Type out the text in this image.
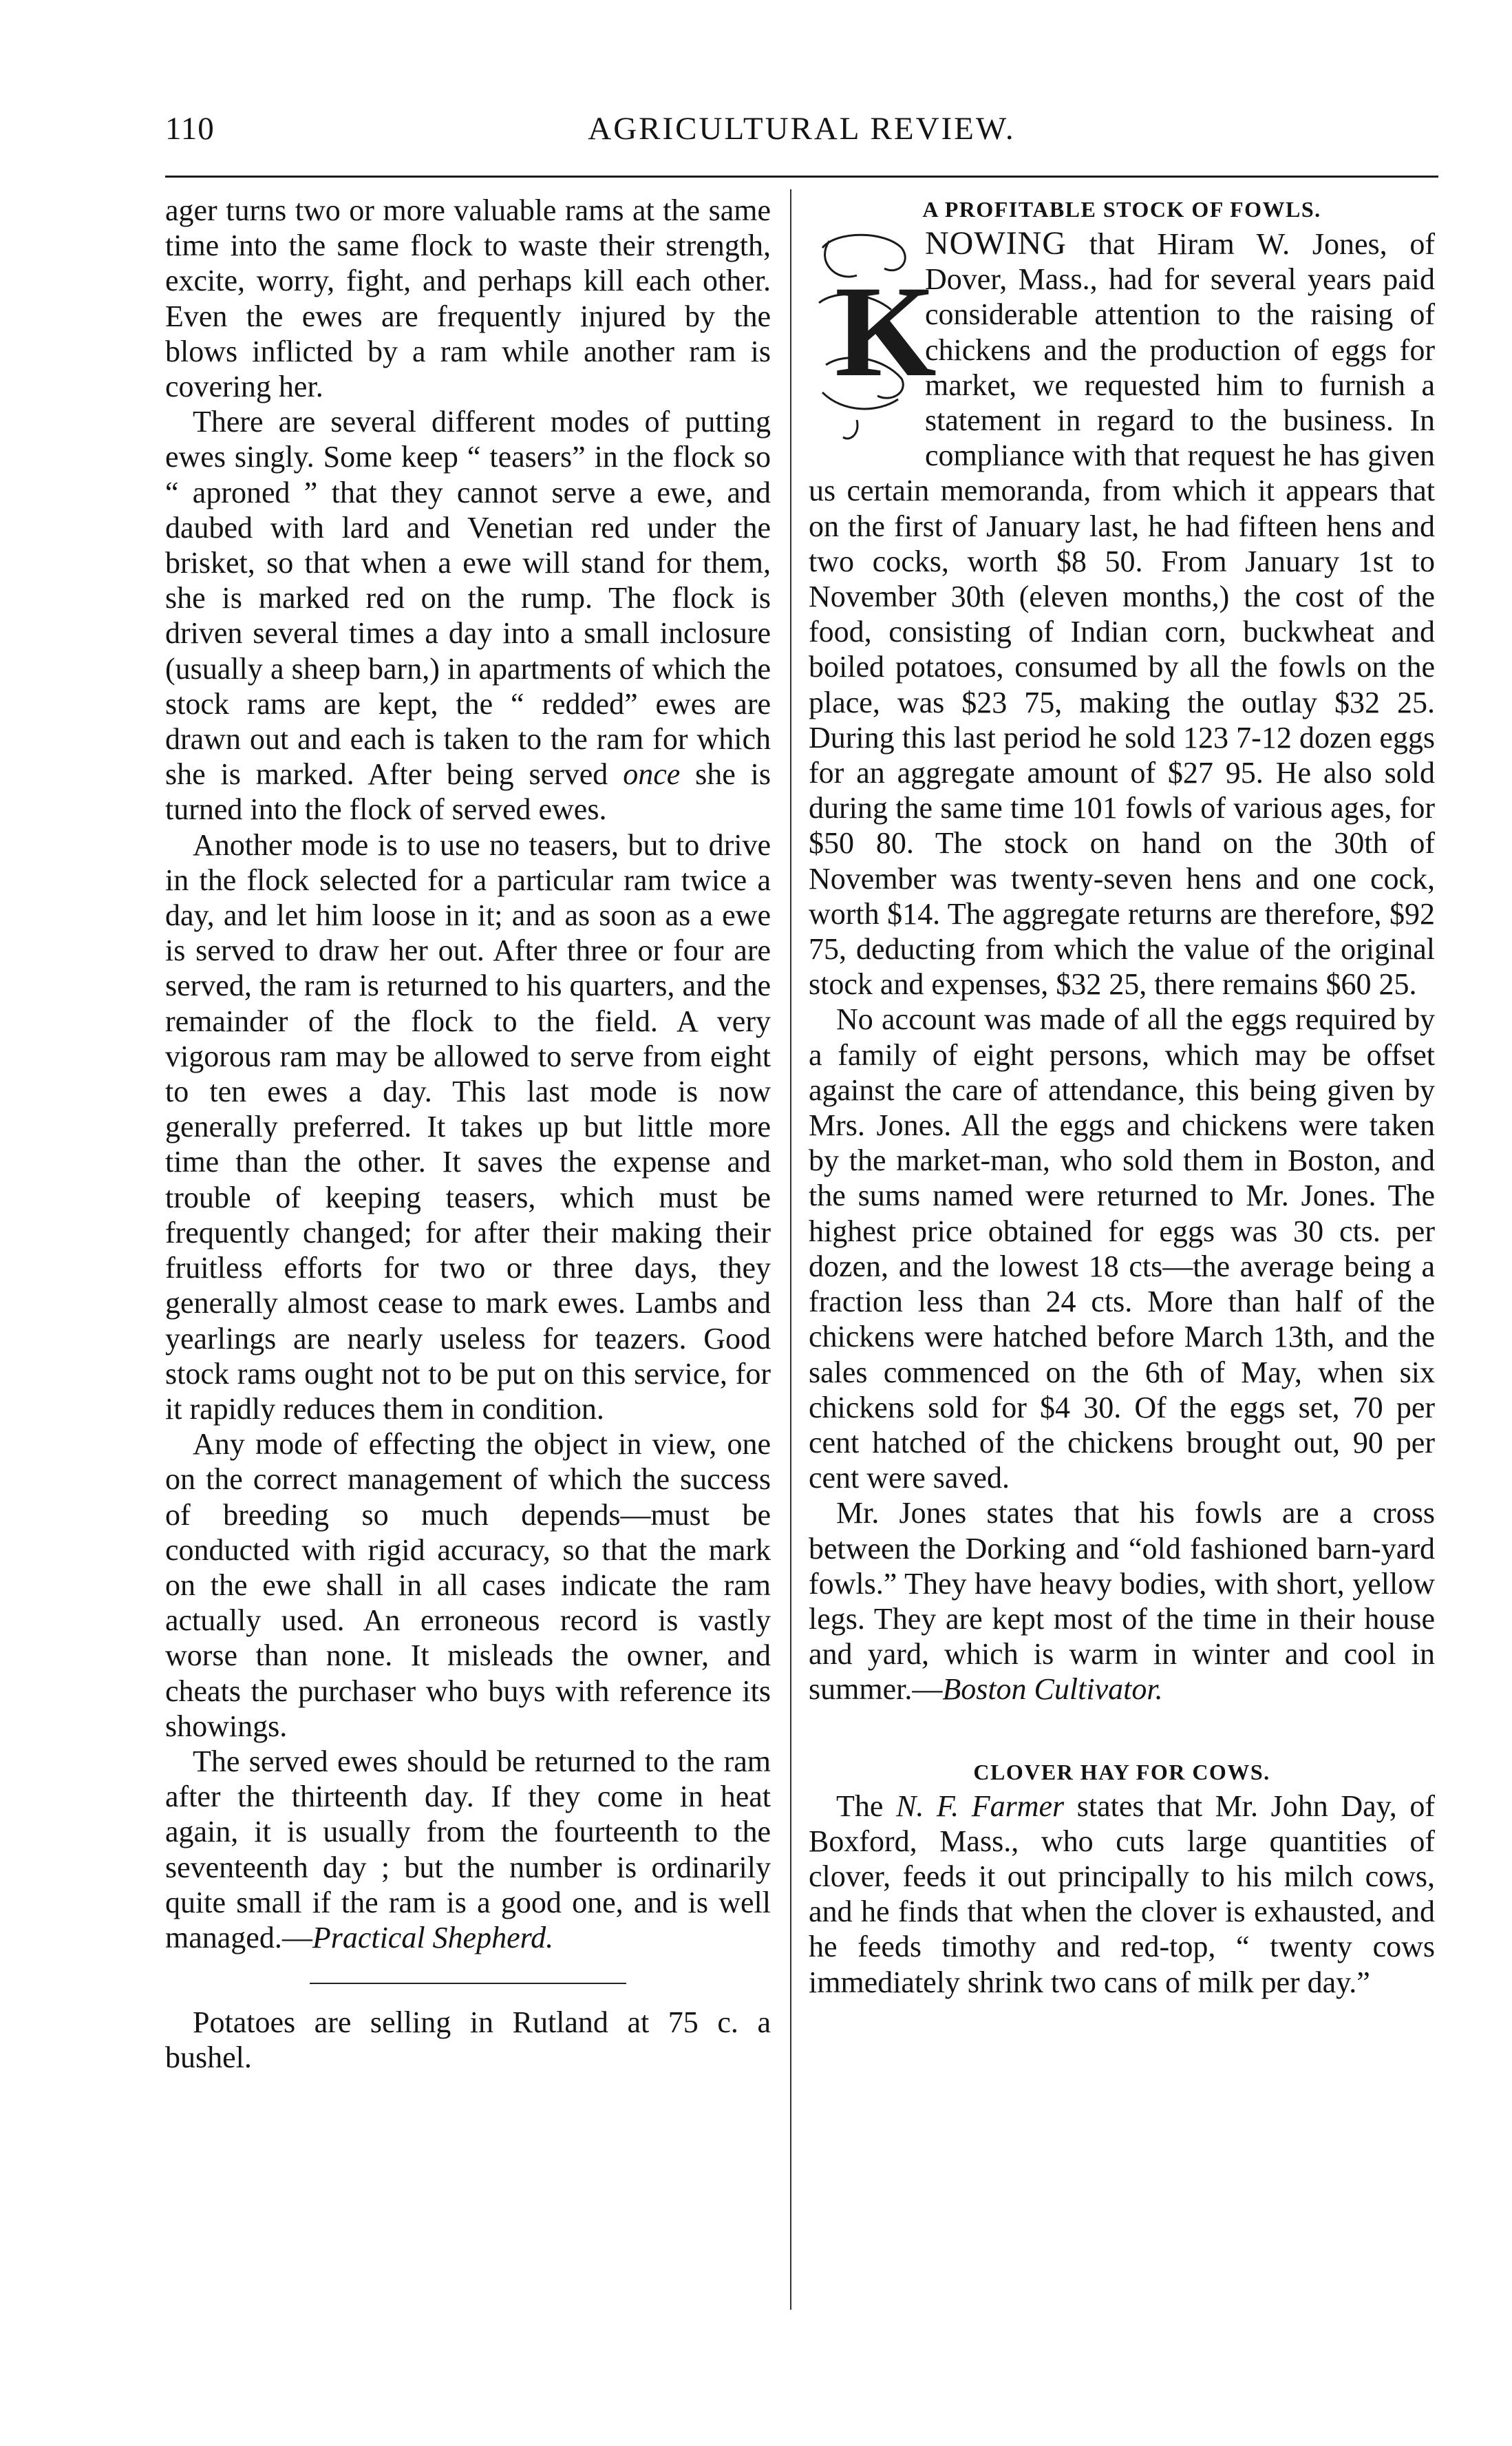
110	AGRICULTURAL REVIEW.

ager turns two or more valuable rams at the same time into the same flock to waste their strength, excite, worry, fight, and perhaps kill each other. Even the ewes are frequently injured by the blows inflicted by a ram while another ram is covering her.

There are several different modes of putting ewes singly. Some keep “ teasers” in the flock so “ aproned ” that they cannot serve a ewe, and daubed with lard and Venetian red under the brisket, so that when a ewe will stand for them, she is marked red on the rump. The flock is driven several times a day into a small inclosure (usually a sheep barn,) in apartments of which the stock rams are kept, the “ redded” ewes are drawn out and each is taken to the ram for which she is marked. After being served once she is turned into the flock of served ewes.

Another mode is to use no teasers, but to drive in the flock selected for a particular ram twice a day, and let him loose in it; and as soon as a ewe is served to draw her out. After three or four are served, the ram is returned to his quarters, and the remainder of the flock to the field. A very vigorous ram may be allowed to serve from eight to ten ewes a day. This last mode is now generally preferred. It takes up but little more time than the other. It saves the expense and trouble of keeping teasers, which must be frequently changed; for after their making their fruitless efforts for two or three days, they generally almost cease to mark ewes. Lambs and yearlings are nearly useless for teazers. Good stock rams ought not to be put on this service, for it rapidly reduces them in condition.

Any mode of effecting the object in view, one on the correct management of which the success of breeding so much depends—must be conducted with rigid accuracy, so that the mark on the ewe shall in all cases indicate the ram actually used. An erroneous record is vastly worse than none. It misleads the owner, and cheats the purchaser who buys with reference its showings.

The served ewes should be returned to the ram after the thirteenth day. If they come in heat again, it is usually from the fourteenth to the seventeenth day ; but the number is ordinarily quite small if the ram is a good one, and is well managed.—Practical Shepherd.

Potatoes are selling in Rutland at 75 c. a bushel.

A PROFITABLE STOCK OF FOWLS.

K
NOWING that Hiram W. Jones, of Dover, Mass., had for several years paid considerable attention to the raising of chickens and the production of eggs for market, we requested him to furnish a statement in regard to the business. In compliance with that request he has given us certain memoranda, from which it appears that on the first of January last, he had fifteen hens and two cocks, worth $8 50. From January 1st to November 30th (eleven months,) the cost of the food, consisting of Indian corn, buckwheat and boiled potatoes, consumed by all the fowls on the place, was $23 75, making the outlay $32 25. During this last period he sold 123 7-12 dozen eggs for an aggregate amount of $27 95. He also sold during the same time 101 fowls of various ages, for $50 80. The stock on hand on the 30th of November was twenty-seven hens and one cock, worth $14. The aggregate returns are therefore, $92 75, deducting from which the value of the original stock and expenses, $32 25, there remains $60 25.

No account was made of all the eggs required by a family of eight persons, which may be offset against the care of attendance, this being given by Mrs. Jones. All the eggs and chickens were taken by the market-man, who sold them in Boston, and the sums named were returned to Mr. Jones. The highest price obtained for eggs was 30 cts. per dozen, and the lowest 18 cts—the average being a fraction less than 24 cts. More than half of the chickens were hatched before March 13th, and the sales commenced on the 6th of May, when six chickens sold for $4 30. Of the eggs set, 70 per cent hatched of the chickens brought out, 90 per cent were saved.

Mr. Jones states that his fowls are a cross between the Dorking and “old fashioned barn-yard fowls.” They have heavy bodies, with short, yellow legs. They are kept most of the time in their house and yard, which is warm in winter and cool in summer.—Boston Cultivator.

CLOVER HAY FOR COWS.

The N. F. Farmer states that Mr. John Day, of Boxford, Mass., who cuts large quantities of clover, feeds it out principally to his milch cows, and he finds that when the clover is exhausted, and he feeds timothy and red-top, “ twenty cows immediately shrink two cans of milk per day.”
